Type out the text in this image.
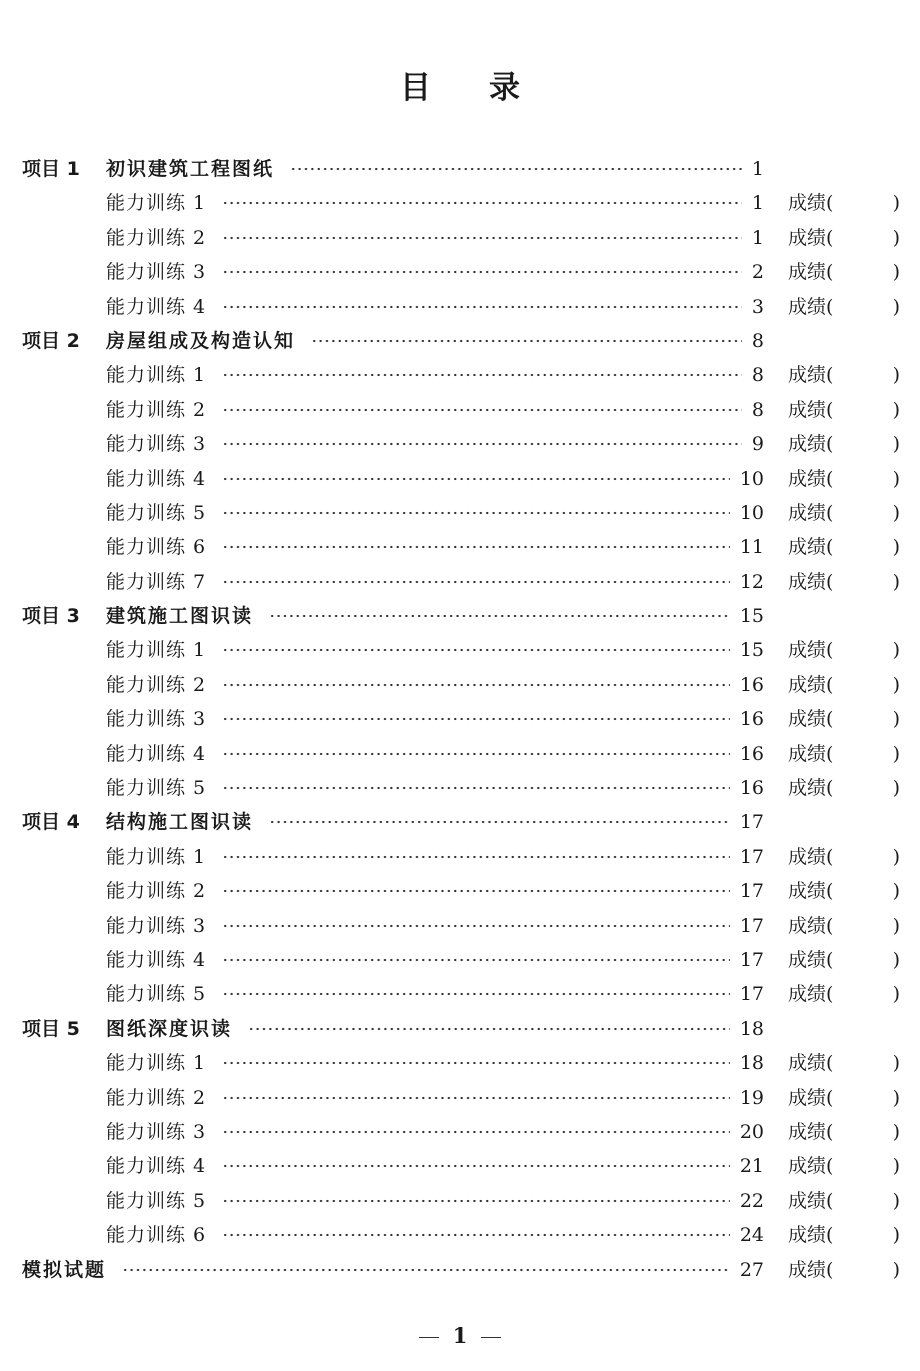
目 录
项目 1 初识建筑工程图纸	1
能力训练 1	1 成绩(	)
能力训练 2	1 成绩(	)
能力训练 3	2 成绩(	)
能力训练 4	3 成绩(	)
项目 2 房屋组成及构造认知	8
能力训练 1	8 成绩(	)
能力训练 2	8 成绩(	)
能力训练 3	9 成绩(	)
能力训练 4	10 成绩(	)
能力训练 5	10 成绩(	)
能力训练 6	11 成绩(	)
能力训练 7	12 成绩(	)
项目 3 建筑施工图识读	15
能力训练 1	15 成绩(	)
能力训练 2	16 成绩(	)
能力训练 3	16 成绩(	)
能力训练 4	16 成绩(	)
能力训练 5	16 成绩(	)
项目 4 结构施工图识读	17
能力训练 1	17 成绩(	)
能力训练 2	17 成绩(	)
能力训练 3	17 成绩(	)
能力训练 4	17 成绩(	)
能力训练 5	17 成绩(	)
项目 5 图纸深度识读	18
能力训练 1	18 成绩(	)
能力训练 2	19 成绩(	)
能力训练 3	20 成绩(	)
能力训练 4	21 成绩(	)
能力训练 5	22 成绩(	)
能力训练 6	24 成绩(	)
模拟试题	27 成绩(	)
1
